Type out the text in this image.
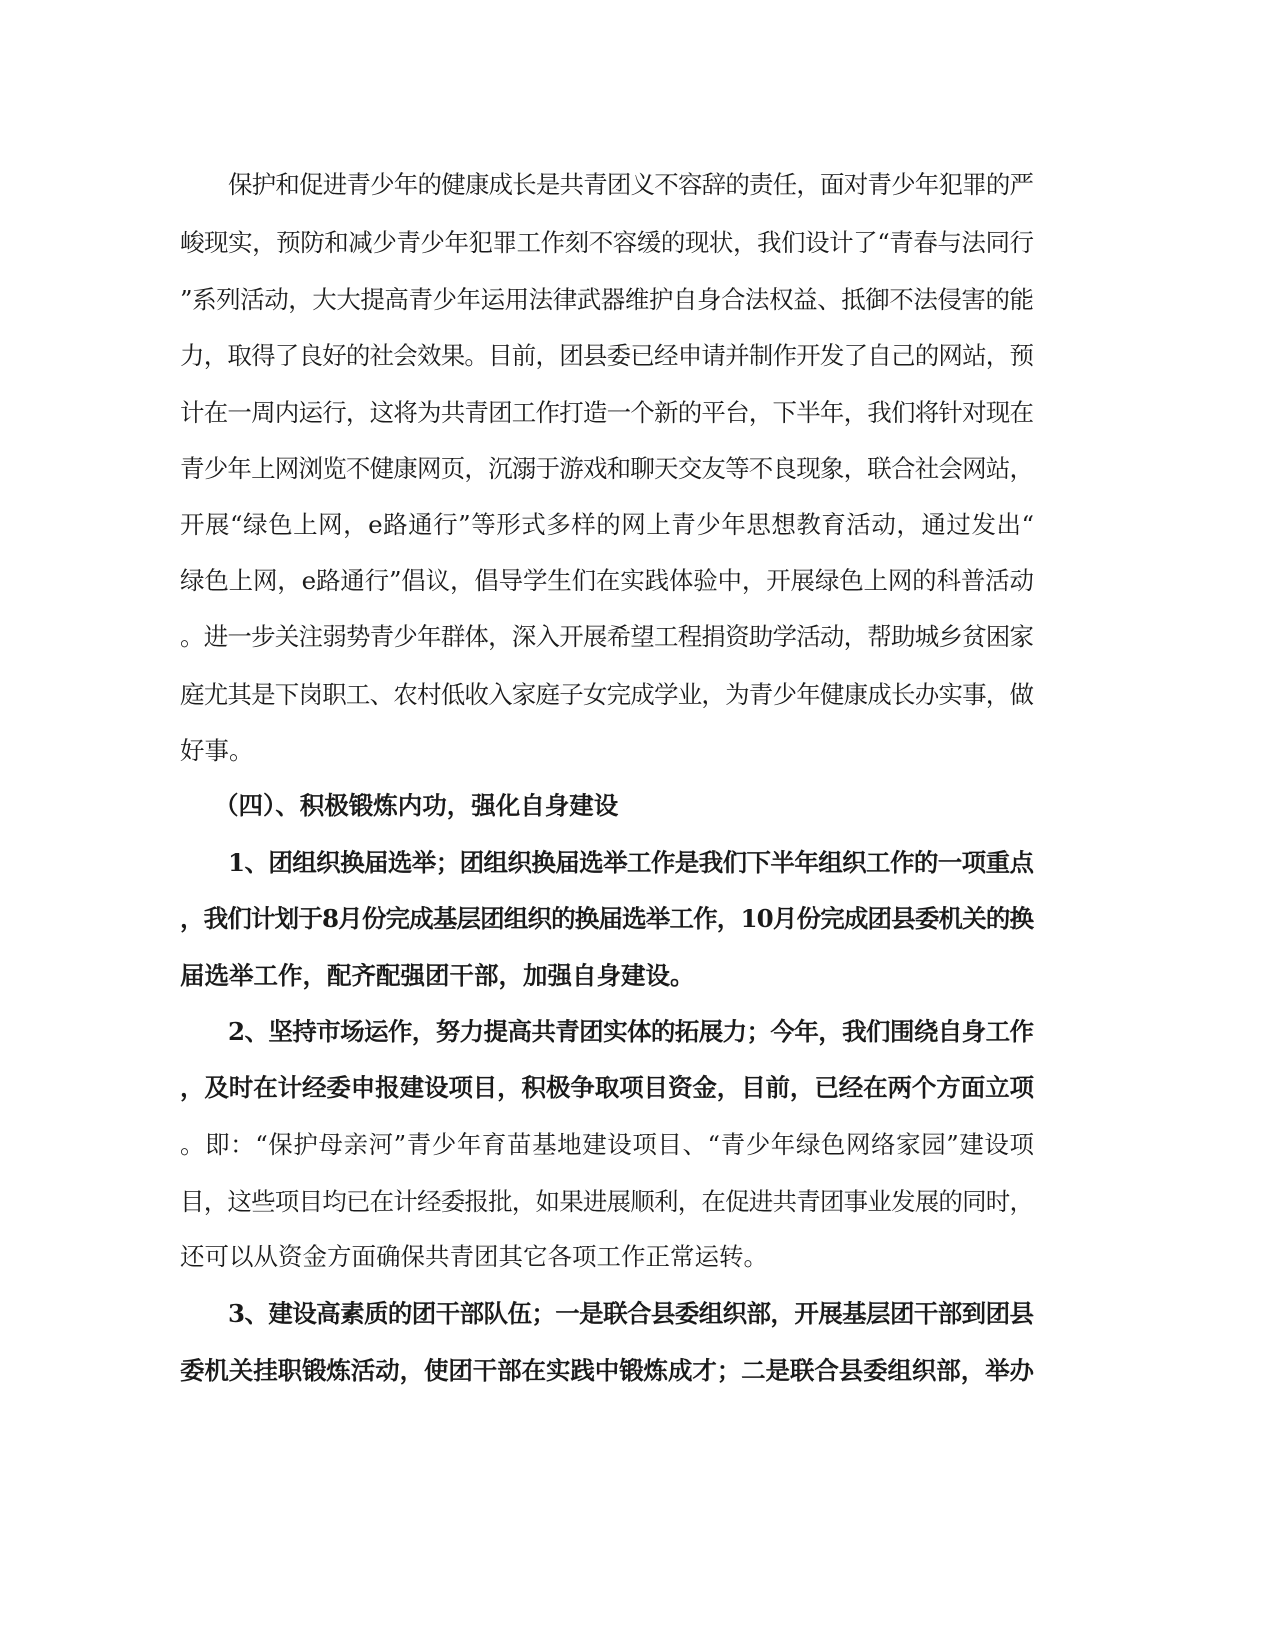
保护和促进青少年的健康成长是共青团义不容辞的责任，面对青少年犯罪的严
峻现实，预防和减少青少年犯罪工作刻不容缓的现状，我们设计了“青春与法同行
”系列活动，大大提高青少年运用法律武器维护自身合法权益、抵御不法侵害的能
力，取得了良好的社会效果。目前，团县委已经申请并制作开发了自己的网站，预
计在一周内运行，这将为共青团工作打造一个新的平台，下半年，我们将针对现在
青少年上网浏览不健康网页，沉溺于游戏和聊天交友等不良现象，联合社会网站，
开展“绿色上网，e路通行”等形式多样的网上青少年思想教育活动，通过发出“
绿色上网，e路通行”倡议，倡导学生们在实践体验中，开展绿色上网的科普活动
。进一步关注弱势青少年群体，深入开展希望工程捐资助学活动，帮助城乡贫困家
庭尤其是下岗职工、农村低收入家庭子女完成学业，为青少年健康成长办实事，做
好事。
（四）、积极锻炼内功，强化自身建设
1、团组织换届选举；团组织换届选举工作是我们下半年组织工作的一项重点
，我们计划于8月份完成基层团组织的换届选举工作，10月份完成团县委机关的换
届选举工作，配齐配强团干部，加强自身建设。
2、坚持市场运作，努力提高共青团实体的拓展力；今年，我们围绕自身工作
，及时在计经委申报建设项目，积极争取项目资金，目前，已经在两个方面立项
。即：“保护母亲河”青少年育苗基地建设项目、“青少年绿色网络家园”建设项
目，这些项目均已在计经委报批，如果进展顺利，在促进共青团事业发展的同时，
还可以从资金方面确保共青团其它各项工作正常运转。
3、建设高素质的团干部队伍；一是联合县委组织部，开展基层团干部到团县
委机关挂职锻炼活动，使团干部在实践中锻炼成才；二是联合县委组织部，举办
